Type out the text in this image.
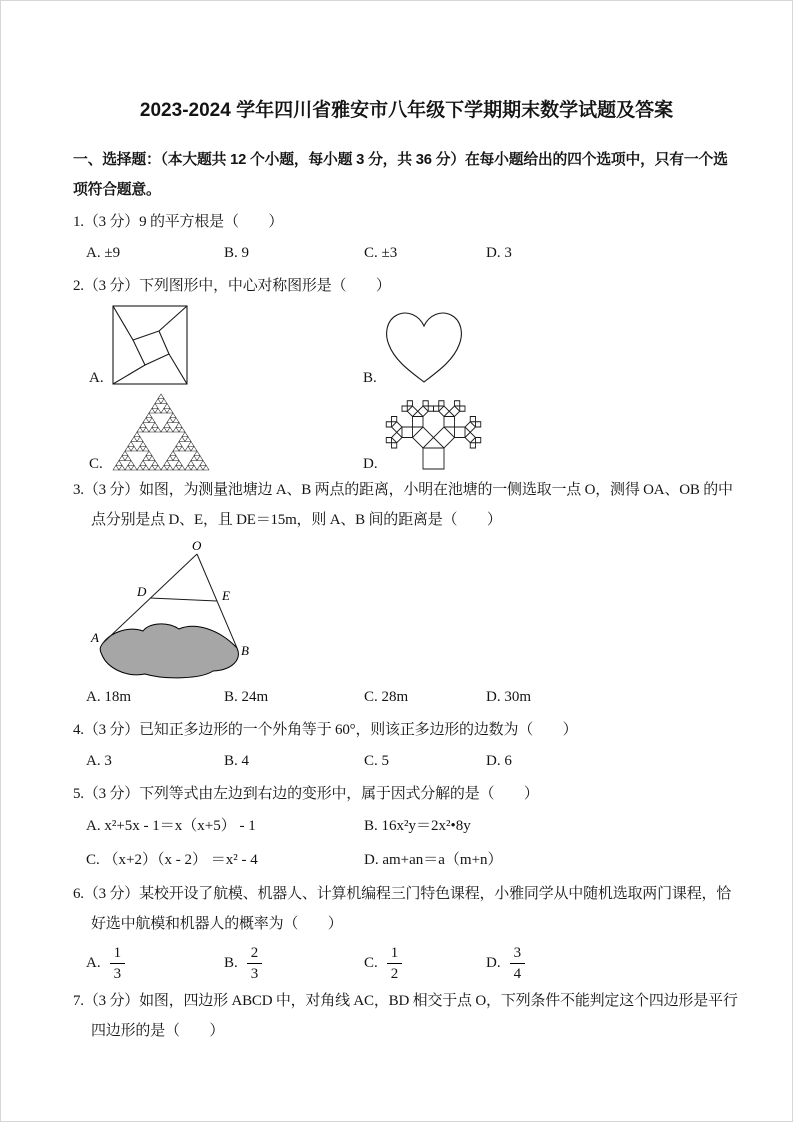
2023-2024 学年四川省雅安市八年级下学期期末数学试题及答案

一、选择题：（本大题共 12 个小题，每小题 3 分，共 36 分）在每小题给出的四个选项中，只有一个选项符合题意。

1.（3 分）9 的平方根是（　　）

A. ±9	B. 9	C. ±3	D. 3

2.（3 分）下列图形中，中心对称图形是（　　）

A.	B.
C.	D.

3.（3 分）如图，为测量池塘边 A、B 两点的距离，小明在池塘的一侧选取一点 O，测得 OA、OB 的中点分别是点 D、E，且 DE＝15m，则 A、B 间的距离是（　　）

O
D	E
A
B
A. 18m	B. 24m	C. 28m	D. 30m

4.（3 分）已知正多边形的一个外角等于 60°，则该正多边形的边数为（　　）

A. 3	B. 4	C. 5	D. 6

5.（3 分）下列等式由左边到右边的变形中，属于因式分解的是（　　）

A. x²+5x - 1＝x（x+5） - 1	B. 16x²y＝2x²•8y
C. （x+2）（x - 2） ＝x² - 4	D. am+an＝a（m+n）

6.（3 分）某校开设了航模、机器人、计算机编程三门特色课程，小雅同学从中随机选取两门课程，恰好选中航模和机器人的概率为（　　）

A. $\frac{1}{3}$	B. $\frac{2}{3}$	C. $\frac{1}{2}$	D. $\frac{3}{4}$

7.（3 分）如图，四边形 ABCD 中，对角线 AC，BD 相交于点 O，下列条件不能判定这个四边形是平行四边形的是（　　）
